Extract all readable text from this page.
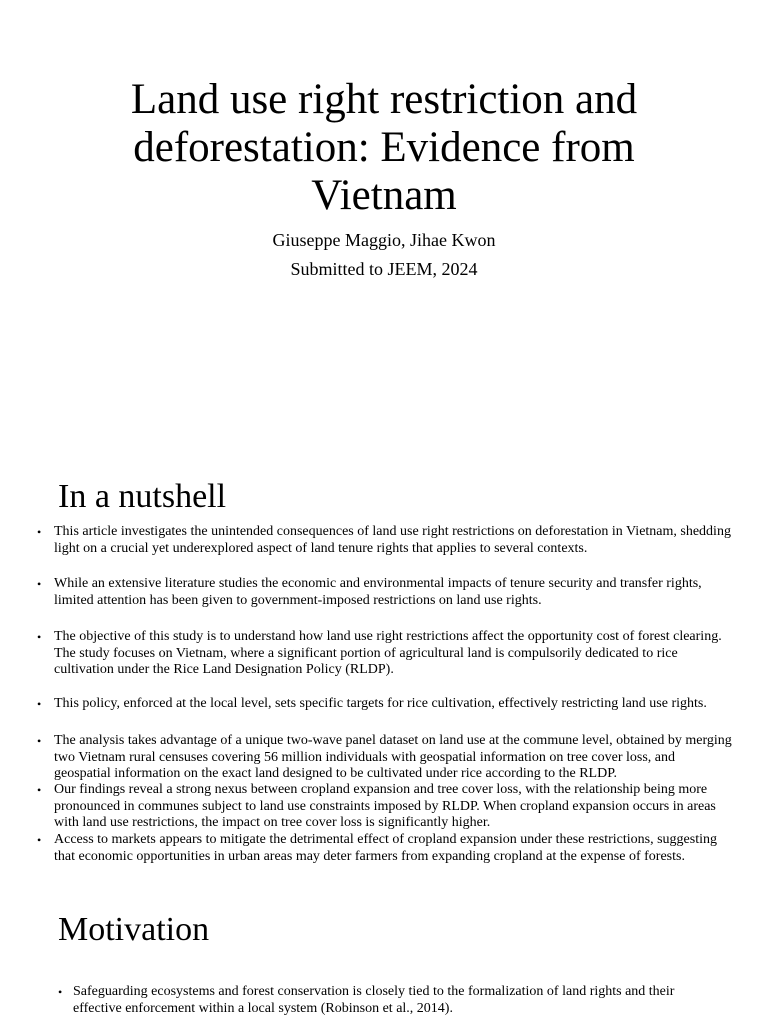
Land use right restriction and deforestation: Evidence from Vietnam
Giuseppe Maggio, Jihae Kwon
Submitted to JEEM, 2024
In a nutshell
• This article investigates the unintended consequences of land use right restrictions on deforestation in Vietnam, shedding light on a crucial yet underexplored aspect of land tenure rights that applies to several contexts.
• While an extensive literature studies the economic and environmental impacts of tenure security and transfer rights, limited attention has been given to government-imposed restrictions on land use rights.
• The objective of this study is to understand how land use right restrictions affect the opportunity cost of forest clearing. The study focuses on Vietnam, where a significant portion of agricultural land is compulsorily dedicated to rice cultivation under the Rice Land Designation Policy (RLDP).
• This policy, enforced at the local level, sets specific targets for rice cultivation, effectively restricting land use rights.
• The analysis takes advantage of a unique two-wave panel dataset on land use at the commune level, obtained by merging two Vietnam rural censuses covering 56 million individuals with geospatial information on tree cover loss, and geospatial information on the exact land designed to be cultivated under rice according to the RLDP.
• Our findings reveal a strong nexus between cropland expansion and tree cover loss, with the relationship being more pronounced in communes subject to land use constraints imposed by RLDP. When cropland expansion occurs in areas with land use restrictions, the impact on tree cover loss is significantly higher.
• Access to markets appears to mitigate the detrimental effect of cropland expansion under these restrictions, suggesting that economic opportunities in urban areas may deter farmers from expanding cropland at the expense of forests.
Motivation
• Safeguarding ecosystems and forest conservation is closely tied to the formalization of land rights and their effective enforcement within a local system (Robinson et al., 2014).
